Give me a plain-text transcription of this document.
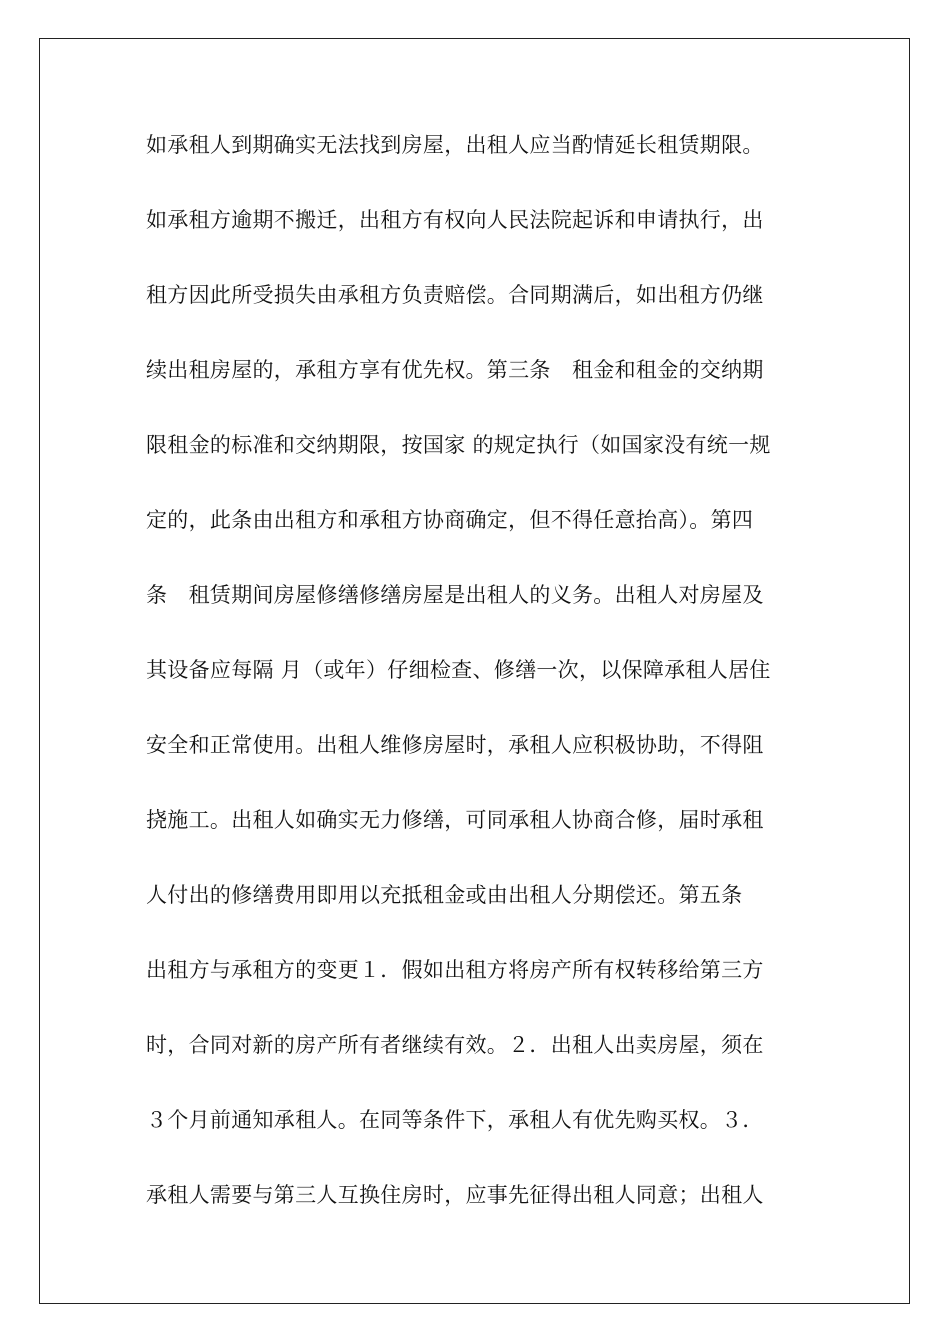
如承租人到期确实无法找到房屋，出租人应当酌情延长租赁期限。
如承租方逾期不搬迁，出租方有权向人民法院起诉和申请执行，出
租方因此所受损失由承租方负责赔偿。合同期满后，如出租方仍继
续出租房屋的，承租方享有优先权。第三条　租金和租金的交纳期
限租金的标准和交纳期限，按国家 的规定执行（如国家没有统一规
定的，此条由出租方和承租方协商确定，但不得任意抬高）。第四
条　租赁期间房屋修缮修缮房屋是出租人的义务。出租人对房屋及
其设备应每隔 月（或年）仔细检查、修缮一次，以保障承租人居住
安全和正常使用。出租人维修房屋时，承租人应积极协助，不得阻
挠施工。出租人如确实无力修缮，可同承租人协商合修，届时承租
人付出的修缮费用即用以充抵租金或由出租人分期偿还。第五条
出租方与承租方的变更１．假如出租方将房产所有权转移给第三方
时，合同对新的房产所有者继续有效。２．出租人出卖房屋，须在
３个月前通知承租人。在同等条件下，承租人有优先购买权。３．
承租人需要与第三人互换住房时，应事先征得出租人同意；出租人
